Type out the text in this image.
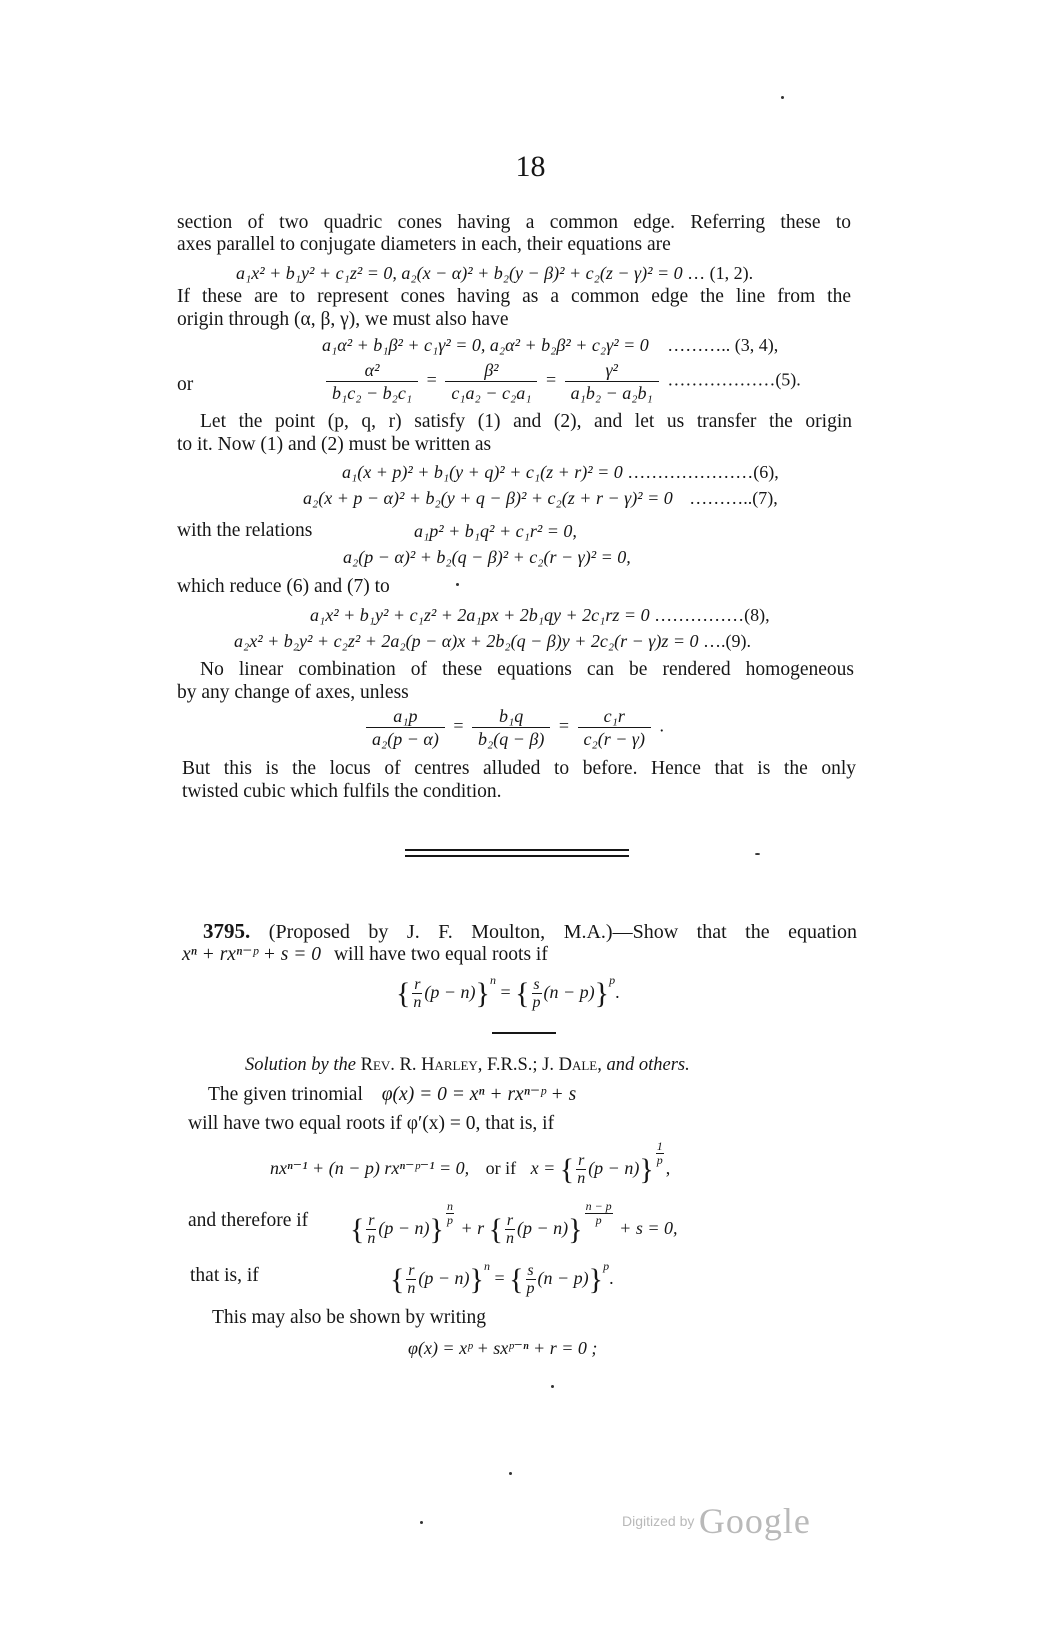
18
section of two quadric cones having a common edge. Referring these to
axes parallel to conjugate diameters in each, their equations are
a₁x² + b₁y² + c₁z² = 0, a₂(x − α)² + b₂(y − β)² + c₂(z − γ)² = 0 … (1, 2).
If these are to represent cones having as a common edge the line from the
origin through (α, β, γ), we must also have
a₁α² + b₁β² + c₁γ² = 0, a₂α² + b₂β² + c₂γ² = 0 ……….. (3, 4),
or	$\frac{\text{α²}}{\text{b₁c₂ − b₂c₁}} = \frac{\text{β²}}{\text{c₁a₂ − c₂a₁}} = \frac{\text{γ²}}{\text{a₁b₂ − a₂b₁}}$ ………………(5).
Let the point (p, q, r) satisfy (1) and (2), and let us transfer the origin
to it. Now (1) and (2) must be written as
a₁(x + p)² + b₁(y + q)² + c₁(z + r)² = 0 …………………(6),
a₂(x + p − α)² + b₂(y + q − β)² + c₂(z + r − γ)² = 0 ………..(7),
with the relations	a₁p² + b₁q² + c₁r² = 0,
a₂(p − α)² + b₂(q − β)² + c₂(r − γ)² = 0,
which reduce (6) and (7) to
a₁x² + b₁y² + c₁z² + 2a₁px + 2b₁qy + 2c₁rz = 0 ……………(8),
a₂x² + b₂y² + c₂z² + 2a₂(p − α)x + 2b₂(q − β)y + 2c₂(r − γ)z = 0 ….(9).
No linear combination of these equations can be rendered homogeneous
by any change of axes, unless
$\frac{\text{a₁p}}{\text{a₂(p − α)}} = \frac{\text{b₁q}}{\text{b₂(q − β)}} = \frac{\text{c₁r}}{\text{c₂(r − γ)}}$ .
But this is the locus of centres alluded to before. Hence that is the only
twisted cubic which fulfils the condition.
3795. (Proposed by J. F. Moulton, M.A.)—Show that the equation
xⁿ + rxⁿ⁻ᵖ + s = 0 will have two equal roots if
{ $\frac{r}{n} (p - n)\}^n$ = { $\frac{s}{p} (n - p)\}^p$.
Solution by the Rev. R. Harley, F.R.S.; J. Dale, and others.
The given trinomial φ(x) = 0 = xⁿ + rxⁿ⁻ᵖ + s
will have two equal roots if φ′(x) = 0, that is, if
nxⁿ⁻¹ + (n − p) rxⁿ⁻ᵖ⁻¹ = 0, or if x = { $\frac{r}{n} (p - n)\} \frac{1}{p}$
,
and therefore if { $\frac{r}{n} (p - n)\} \frac{n}{p}$
+ r { $\frac{r}{n} (p - n)\} \frac{n - p}{p}$
+ s = 0,
that is, if	{ $\frac{r}{n} (p - n)\}^n$ = { $\frac{s}{p} (n - p)\}^p$.
This may also be shown by writing
φ(x) = xᵖ + sxᵖ⁻ⁿ + r = 0 ;
Digitized by Google
